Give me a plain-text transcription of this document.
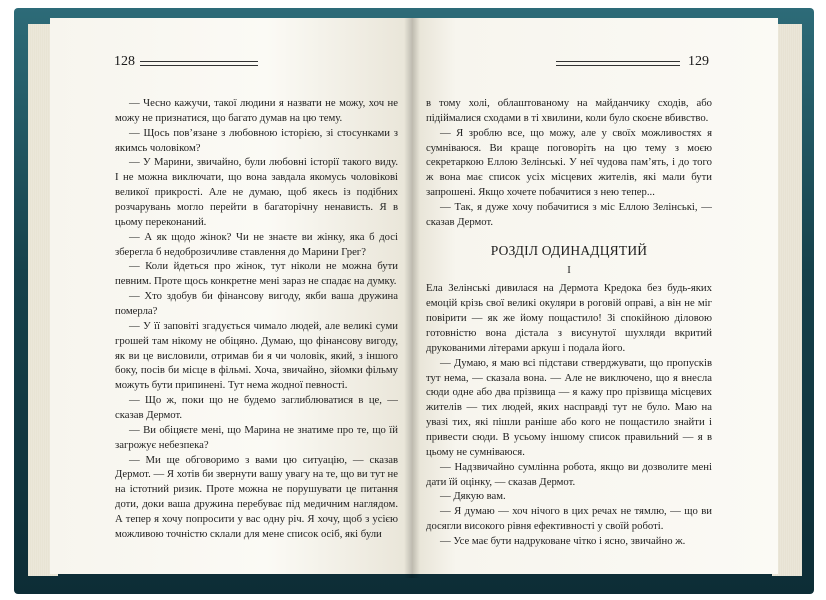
128	129

— Чесно кажучи, такої людини я назвати не можу, хоч не можу не признатися, що багато думав на цю тему.

— Щось пов’язане з любовною історією, зі стосунками з якимсь чоловіком?

— У Марини, звичайно, були любовні історії такого виду. І не можна виключати, що вона завдала якомусь чоловікові великої прикрості. Але не думаю, щоб якесь із подібних розчарувань могло перейти в багаторічну ненависть. Я в цьому переконаний.

— А як щодо жінок? Чи не знаєте ви жінку, яка б досі зберегла б недоброзичливе ставлення до Марини Грег?

— Коли йдеться про жінок, тут ніколи не можна бути певним. Проте щось конкретне мені зараз не спадає на думку.

— Хто здобув би фінансову вигоду, якби ваша дружина померла?

— У її заповіті згадується чимало людей, але великі суми грошей там нікому не обіцяно. Думаю, що фінансову вигоду, як ви це висловили, отримав би я чи чоловік, який, з іншого боку, посів би місце в фільмі. Хоча, звичайно, зйомки фільму можуть бути припинені. Тут нема жодної певності.

— Що ж, поки що не будемо заглиблюватися в це, — сказав Дермот.

— Ви обіцяєте мені, що Марина не знатиме про те, що їй загрожує небезпека?

— Ми ще обговоримо з вами цю ситуацію, — сказав Дермот. — Я хотів би звернути вашу увагу на те, що ви тут не на істотний ризик. Проте можна не порушувати це питання доти, доки ваша дружина перебуває під медичним наглядом. А тепер я хочу попросити у вас одну річ. Я хочу, щоб з усією можливою точністю склали для мене список осіб, які були

в тому холі, облаштованому на майданчику сходів, або підіймалися сходами в ті хвилини, коли було скоєне вбивство.

— Я зроблю все, що можу, але у своїх можливостях я сумніваюся. Ви краще поговоріть на цю тему з моєю секретаркою Еллою Зелінські. У неї чудова пам’ять, і до того ж вона має список усіх місцевих жителів, які мали бути запрошені. Якщо хочете побачитися з нею тепер...

— Так, я дуже хочу побачитися з міс Еллою Зелінські, — сказав Дермот.

РОЗДІЛ ОДИНАДЦЯТИЙ

I

Ела Зелінські дивилася на Дермота Кредока без будь-яких емоцій крізь свої великі окуляри в роговій оправі, а він не міг повірити — як же йому пощастило! Зі спокійною діловою готовністю вона дістала з висунутої шухляди вкритий друкованими літерами аркуш і подала його.

— Думаю, я маю всі підстави стверджувати, що пропусків тут нема, — сказала вона. — Але не виключено, що я внесла сюди одне або два прізвища — я кажу про прізвища місцевих жителів — тих людей, яких насправді тут не було. Маю на увазі тих, які пішли раніше або кого не пощастило знайти і привести сюди. В усьому іншому список правильний — я в цьому не сумніваюся.

— Надзвичайно сумлінна робота, якщо ви дозволите мені дати їй оцінку, — сказав Дермот.

— Дякую вам.

— Я думаю — хоч нічого в цих речах не тямлю, — що ви досягли високого рівня ефективності у своїй роботі.

— Усе має бути надруковане чітко і ясно, звичайно ж.
